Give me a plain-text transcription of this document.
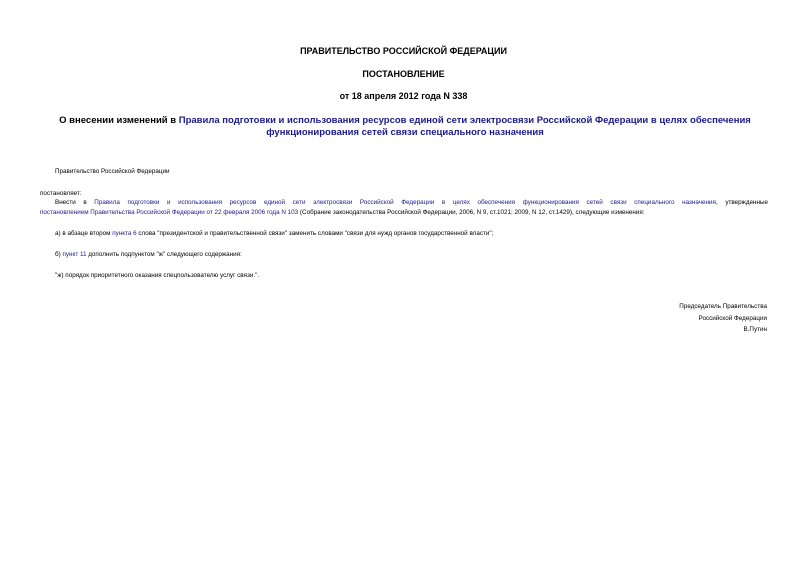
ПРАВИТЕЛЬСТВО РОССИЙСКОЙ ФЕДЕРАЦИИ
ПОСТАНОВЛЕНИЕ
от 18 апреля 2012 года N 338
О внесении изменений в Правила подготовки и использования ресурсов единой сети электросвязи Российской Федерации в целях обеспечения функционирования сетей связи специального назначения
Правительство Российской Федерации
постановляет:
Внести в Правила подготовки и использования ресурсов единой сети электросвязи Российской Федерации в целях обеспечения функционирования сетей связи специального назначения, утвержденные
постановлением Правительства Российской Федерации от 22 февраля 2006 года N 103 (Собрание законодательства Российской Федерации, 2006, N 9, ст.1021; 2009, N 12, ст.1429), следующие изменения:
а) в абзаце втором пункта 6 слова "президентской и правительственной связи" заменить словами "связи для нужд органов государственной власти";
б) пункт 11 дополнить подпунктом "ж" следующего содержания:
"ж) порядок приоритетного оказания спецпользователю услуг связи.".
Председатель Правительства
Российской Федерации
В.Путин
